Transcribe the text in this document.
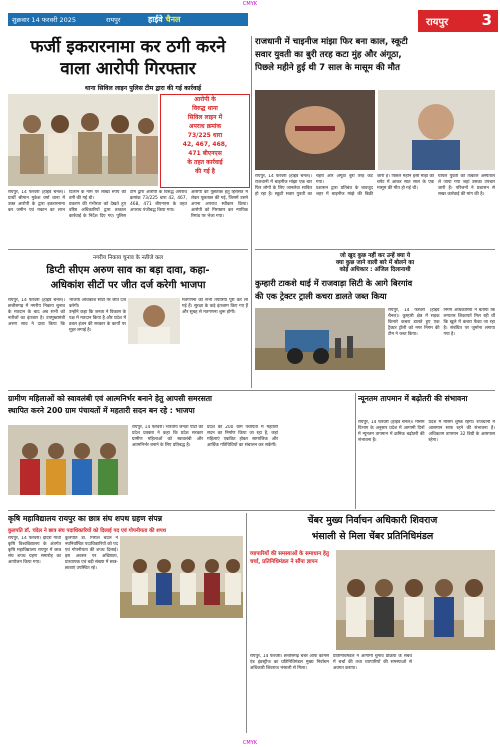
CMYK
शुक्रवार 14 फरवरी 2025	रायपुर	हाईवे चैनल	रायपुर 3
फर्जी इकरारनामा कर ठगी करने
वाला आरोपी गिरफ्तार
थाना सिविल लाइन पुलिस टीम द्वारा की गई कार्रवाई
आरोपी के
विरुद्ध थाना
सिविल लाइन में
अपराध क्रमांक
73/225 धारा
42, 467, 468,
471 बीएनएस
के तहत कार्रवाई
की गई है
रायपुर, 14 फरवरी (हाईवे चैनल)। प्रार्थी श्रीमान मुकेश वर्मा थाना में उक्त आरोपी के द्वारा इकरारनामा कर जमीन एवं मकान का लाभ दिलाने के नाम पर लाखों रुपये की ठगी की गई थी।
प्रकरण की गंभीरता को देखते हुए वरिष्ठ अधिकारियों द्वारा तत्काल कार्रवाई के निर्देश दिए गए। पुलिस टीम द्वारा आरोपी के विरुद्ध अपराध क्रमांक 73/225 धारा 42, 467, 468, 471 बीएनएस के तहत अपराध पंजीबद्ध किया गया।
आरोपी को पूछताछ हेतु हिरासत में लेकर पूछताछ की गई, जिसमें उसने अपना अपराध स्वीकार किया। आरोपी को गिरफ्तार कर न्यायिक रिमांड पर भेजा गया।
राजधानी में चाइनीज मांझा फिर बना काल, स्कूटी
सवार युवती का बुरी तरह कटा मुंह और अंगूठा,
पिछले महीने हुई थी 7 साल के मासूम की मौत
रायपुर, 14 फरवरी (हाईवे चैनल)। राजधानी में चाइनीज मांझा एक बार फिर लोगों के लिए जानलेवा साबित हो रहा है। स्कूटी सवार युवती का चेहरा और अंगूठा बुरी तरह कट गया।
प्रशासन द्वारा प्रतिबंध के बावजूद शहर में चाइनीज मांझे की बिक्री जारी है। पिछले महीने इसी मांझे की चपेट में आकर सात साल के एक मासूम की मौत हो गई थी।
घायल युवती को तत्काल अस्पताल ले जाया गया जहां उसका उपचार जारी है। परिजनों ने प्रशासन से सख्त कार्रवाई की मांग की है।
नगरीय निकाय चुनाव के नतीजे कल
डिप्टी सीएम अरुण साव का बड़ा दावा, कहा-
अधिकांश सीटों पर जीत दर्ज करेगी भाजपा
रायपुर, 14 फरवरी (हाईवे चैनल)। छत्तीसगढ़ में नगरीय निकाय चुनाव के मतदान के बाद अब सभी को नतीजों का इंतजार है। उपमुख्यमंत्री अरुण साव ने दावा किया कि भाजपा अधिकांश सीटों पर जीत दर्ज करेगी।
उन्होंने कहा कि जनता ने विकास के पक्ष में मतदान किया है और प्रदेश में डबल इंजन की सरकार के कार्यों पर मुहर लगाई है।
मतगणना की सभी तैयारियां पूरी कर ली गई हैं। सुरक्षा के कड़े इंतजाम किए गए हैं और सुबह से मतगणना शुरू होगी।
जो खुद कुछ नहीं कर उन्हें क्या ये
क्या कुछ जाने वाली बारे में बोलने का
कोई अधिकार : अंजिल दिलानाथी
कुम्हारी टाकशे थाई में राजवाड़ा सिटी के आगे बिरगांव
की एक ट्रेक्टर ट्राली कचरा डालते जब्त किया
रायपुर, 14 फरवरी (हाईवे चैनल)। कुम्हारी क्षेत्र में सड़क किनारे कचरा डालते हुए एक ट्रैक्टर ट्रॉली को नगर निगम की टीम ने जब्त किया।
निगम अधिकारियों ने बताया कि लगातार शिकायतें मिल रही थीं कि खुले में कचरा फेंका जा रहा है। संबंधित पर जुर्माना लगाया गया है।
ग्रामीण महिलाओं को स्वावलंबी एवं आत्मनिर्भर बनाने हेतु आपसी समरसता
स्थापित करने 200 ग्राम पंचायतों में महतारी सदन बन रहे : भाजपा
रायपुर, 14 फरवरी। भारतीय जनता पार्टी की प्रदेश प्रवक्ता ने कहा कि प्रदेश सरकार ग्रामीण महिलाओं को स्वावलंबी और आत्मनिर्भर बनाने के लिए प्रतिबद्ध है।
प्रदेश की 200 ग्राम पंचायतों में महतारी सदन का निर्माण किया जा रहा है, जहां महिलाएं एकत्रित होकर सामाजिक और आर्थिक गतिविधियों का संचालन कर सकेंगी।
न्यूनतम तापमान में बढ़ोतरी की संभावना
रायपुर, 14 फरवरी (हाईवे चैनल)। मौसम विभाग के अनुसार प्रदेश में आगामी दिनों में न्यूनतम तापमान में क्रमिक बढ़ोतरी की संभावना है।
प्रदेश में मौसम शुष्क रहेगा। राजधानी में आसमान साफ रहने की संभावना है। अधिकतम तापमान 32 डिग्री के आसपास रहेगा।
कृषि महाविद्यालय रायपुर का छात्र संघ शपथ ग्रहण संपन्न
कुलपति डॉ. चंदेल ने छात्र संघ पदाधिकारियों को दिलाई पद एवं गोपनीयता की शपथ
रायपुर, 14 फरवरी। इंदिरा गांधी कृषि विश्वविद्यालय के अंतर्गत कृषि महाविद्यालय रायपुर में छात्र संघ शपथ ग्रहण समारोह का आयोजन किया गया।
कुलपति डॉ. गिरीश चंदेल ने नवनिर्वाचित पदाधिकारियों को पद एवं गोपनीयता की शपथ दिलाई। इस अवसर पर अधिष्ठाता, प्राध्यापक एवं बड़ी संख्या में छात्र-छात्राएं उपस्थित रहे।
चेंबर मुख्य निर्वाचन अधिकारी शिवराज
भंसाली से मिला चेंबर प्रतिनिधिमंडल
व्यापारियों की समस्याओं के समाधान हेतु चर्चा, प्रतिनिधिमंडल ने सौंपा ज्ञापन
रायपुर, 14 फरवरी। छत्तीसगढ़ चेंबर ऑफ कॉमर्स एंड इंडस्ट्रीज का प्रतिनिधिमंडल मुख्य निर्वाचन अधिकारी शिवराज भंसाली से मिला।
प्रतिनिधिमंडल ने आगामी चुनाव प्रक्रिया के संबंध में चर्चा की तथा व्यापारियों की समस्याओं से अवगत कराया।
CMYK
